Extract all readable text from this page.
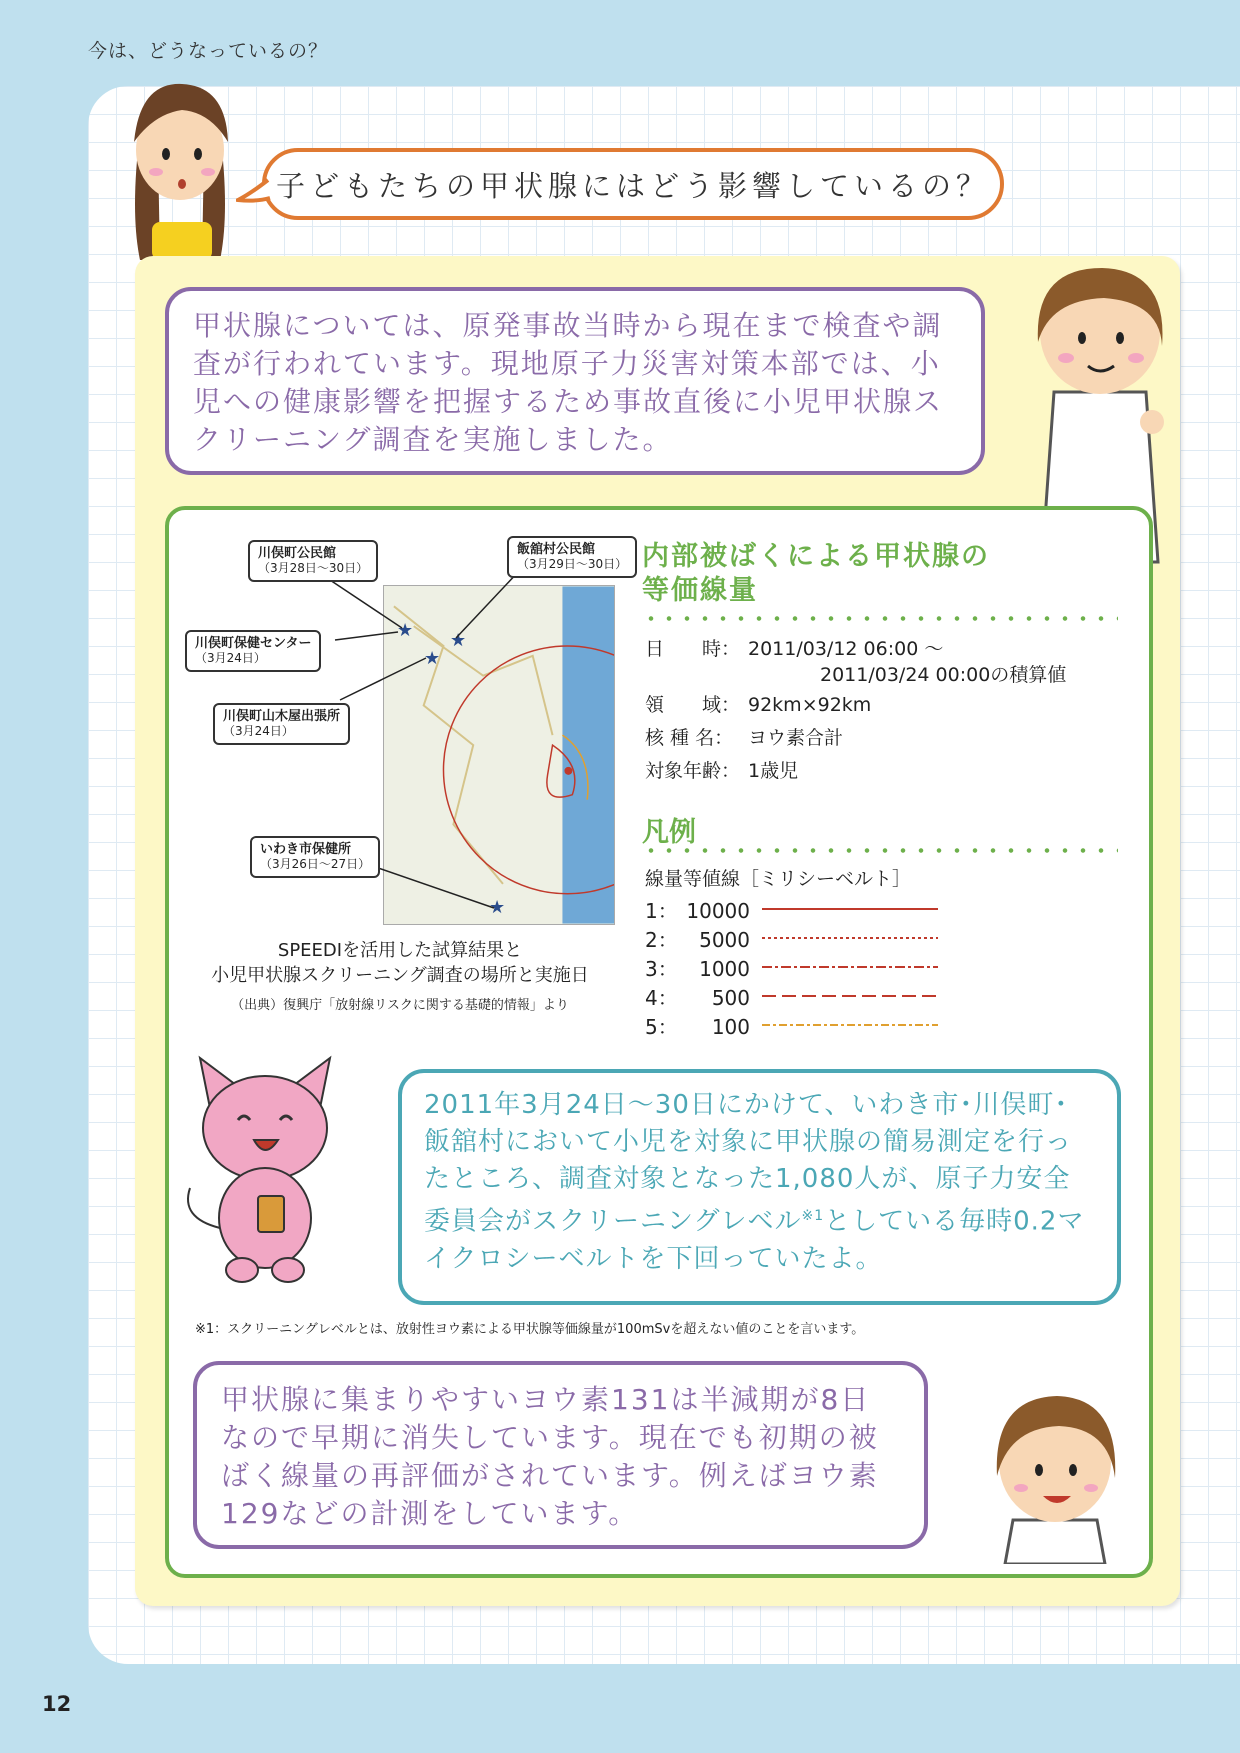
今は、どうなっているの？
12
子どもたちの甲状腺にはどう影響しているの？
甲状腺については、原発事故当時から現在まで検査や調査が行われています。現地原子力災害対策本部では、小児への健康影響を把握するため事故直後に小児甲状腺スクリーニング調査を実施しました。
★ ★
★
★
川俣町公民館
（3月28日〜30日）
飯舘村公民館
（3月29日〜30日）
川俣町保健センター
（3月24日）
川俣町山木屋出張所
（3月24日）
いわき市保健所
（3月26日〜27日）
SPEEDIを活用した試算結果と
小児甲状腺スクリーニング調査の場所と実施日
（出典）復興庁「放射線リスクに関する基礎的情報」より
内部被ばくによる甲状腺の
等価線量
日　　時： 2011/03/12 06:00 〜
2011/03/24 00:00の積算値
領　　域： 92km×92km
核 種 名： ヨウ素合計
対象年齢： 1歳児
凡例
線量等値線［ミリシーベルト］
1： 10000
2： 5000
3： 1000
4： 500
5： 100
2011年3月24日〜30日にかけて、いわき市･川俣町･飯舘村において小児を対象に甲状腺の簡易測定を行ったところ、調査対象となった1,080人が、原子力安全委員会がスクリーニングレベル$^{※1}$としている毎時0.2マイクロシーベルトを下回っていたよ。
※1：スクリーニングレベルとは、放射性ヨウ素による甲状腺等価線量が100mSvを超えない値のことを言います。
甲状腺に集まりやすいヨウ素131は半減期が8日なので早期に消失しています。現在でも初期の被ばく線量の再評価がされています。例えばヨウ素129などの計測をしています。
